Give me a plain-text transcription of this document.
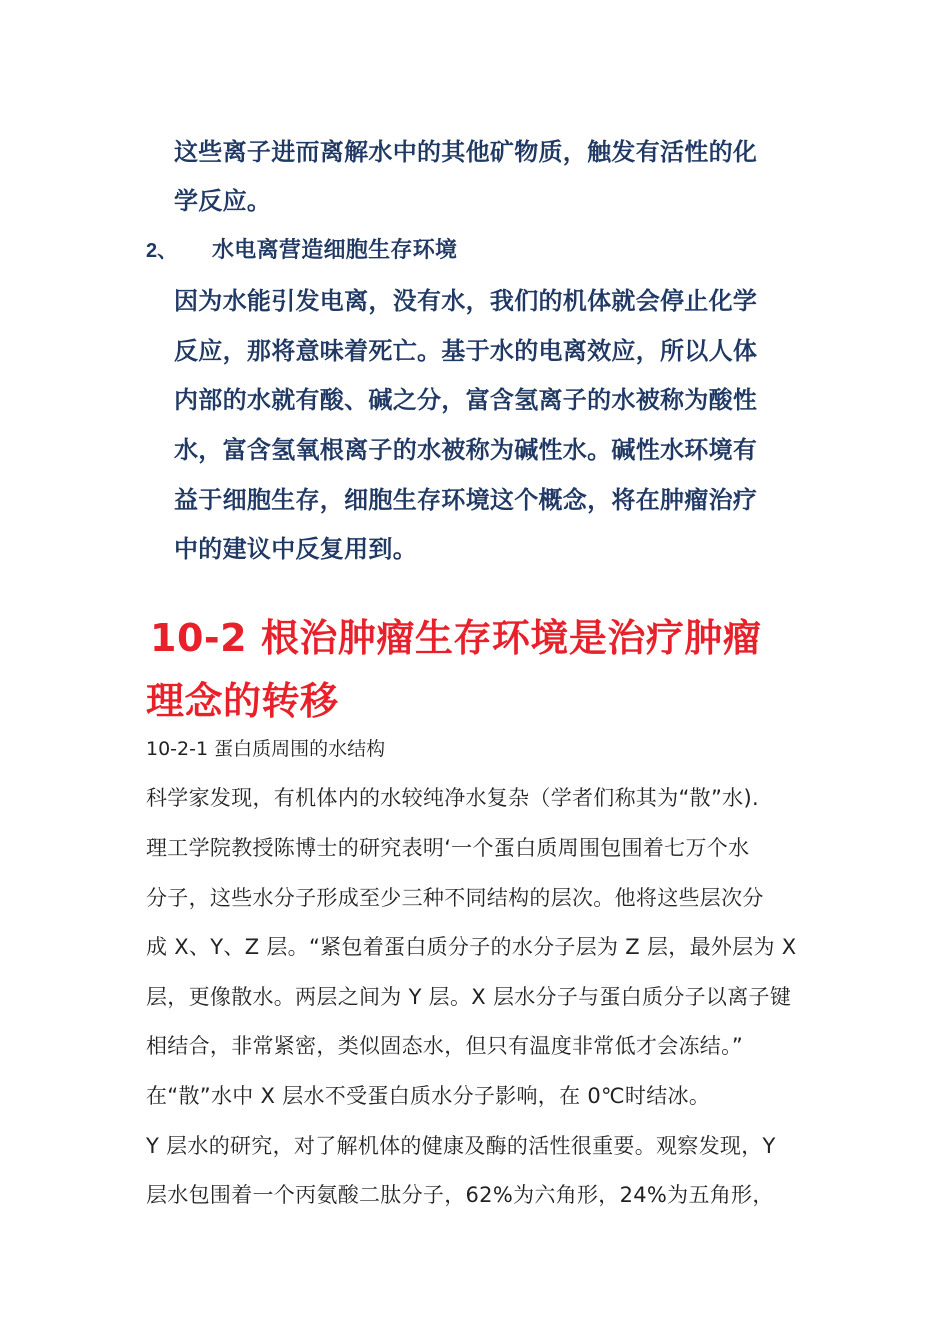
这些离子进而离解水中的其他矿物质，触发有活性的化
学反应。
2、 水电离营造细胞生存环境
因为水能引发电离，没有水，我们的机体就会停止化学
反应，那将意味着死亡。基于水的电离效应，所以人体
内部的水就有酸、碱之分，富含氢离子的水被称为酸性
水，富含氢氧根离子的水被称为碱性水。碱性水环境有
益于细胞生存，细胞生存环境这个概念，将在肿瘤治疗
中的建议中反复用到。
10-2 根治肿瘤生存环境是治疗肿瘤
理念的转移
10-2-1 蛋白质周围的水结构
科学家发现，有机体内的水较纯净水复杂（学者们称其为“散”水).
理工学院教授陈博士的研究表明‘一个蛋白质周围包围着七万个水
分子，这些水分子形成至少三种不同结构的层次。他将这些层次分
成 X、Y、Z 层。“紧包着蛋白质分子的水分子层为 Z 层，最外层为 X
层，更像散水。两层之间为 Y 层。X 层水分子与蛋白质分子以离子键
相结合，非常紧密，类似固态水，但只有温度非常低才会冻结。”
在“散”水中 X 层水不受蛋白质水分子影响，在 0℃时结冰。
Y 层水的研究，对了解机体的健康及酶的活性很重要。观察发现，Y
层水包围着一个丙氨酸二肽分子，62%为六角形，24%为五角形，
